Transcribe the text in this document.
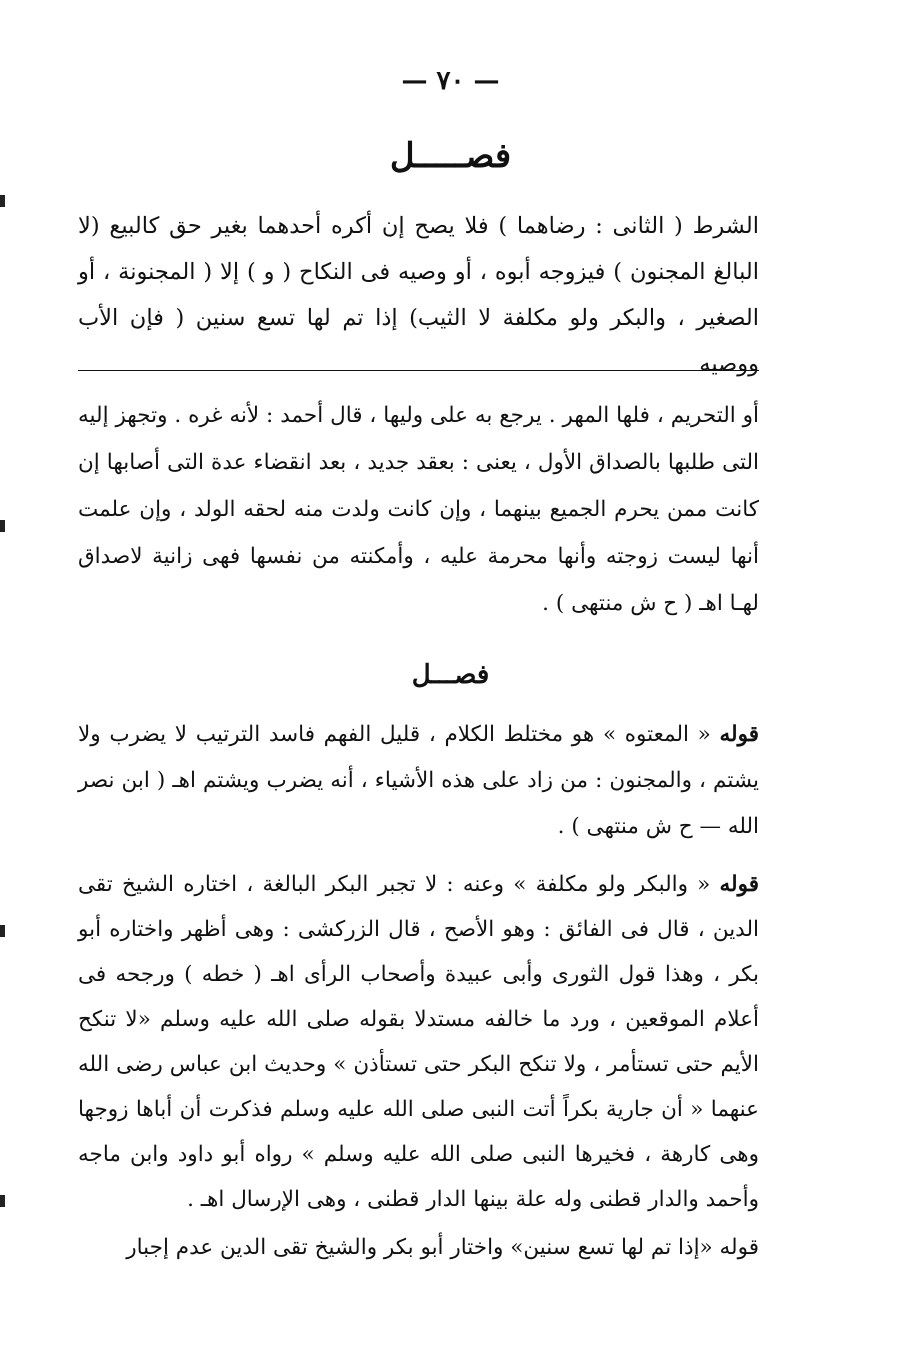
— ٧٠ —
فصـــــل
الشرط ( الثانى : رضاهما ) فلا يصح إن أكره أحدهما بغير حق كالبيع (لا البالغ المجنون ) فيزوجه أبوه ، أو وصيه فى النكاح ( و ) إلا ( المجنونة ، أو الصغير ، والبكر ولو مكلفة لا الثيب) إذا تم لها تسع سنين ( فإن الأب ووصيه
أو التحريم ، فلها المهر . يرجع به على وليها ، قال أحمد : لأنه غره . وتجهز إليه التى طلبها بالصداق الأول ، يعنى : بعقد جديد ، بعد انقضاء عدة التى أصابها إن كانت ممن يحرم الجميع بينهما ، وإن كانت ولدت منه لحقه الولد ، وإن علمت أنها ليست زوجته وأنها محرمة عليه ، وأمكنته من نفسها فهى زانية لاصداق لهـا اهـ ( ح ش منتهى ) .
فصـــل
قوله « المعتوه » هو مختلط الكلام ، قليل الفهم فاسد الترتيب لا يضرب ولا يشتم ، والمجنون : من زاد على هذه الأشياء ، أنه يضرب ويشتم اهـ ( ابن نصر الله — ح ش منتهى ) .
قوله « والبكر ولو مكلفة » وعنه : لا تجبر البكر البالغة ، اختاره الشيخ تقى الدين ، قال فى الفائق : وهو الأصح ، قال الزركشى : وهى أظهر واختاره أبو بكر ، وهذا قول الثورى وأبى عبيدة وأصحاب الرأى اهـ ( خطه ) ورجحه فى أعلام الموقعين ، ورد ما خالفه مستدلا بقوله صلى الله عليه وسلم «لا تنكح الأيم حتى تستأمر ، ولا تنكح البكر حتى تستأذن » وحديث ابن عباس رضى الله عنهما « أن جارية بكراً أتت النبى صلى الله عليه وسلم فذكرت أن أباها زوجها وهى كارهة ، فخيرها النبى صلى الله عليه وسلم » رواه أبو داود وابن ماجه وأحمد والدار قطنى وله علة بينها الدار قطنى ، وهى الإرسال اهـ .
قوله «إذا تم لها تسع سنين» واختار أبو بكر والشيخ تقى الدين عدم إجبار
